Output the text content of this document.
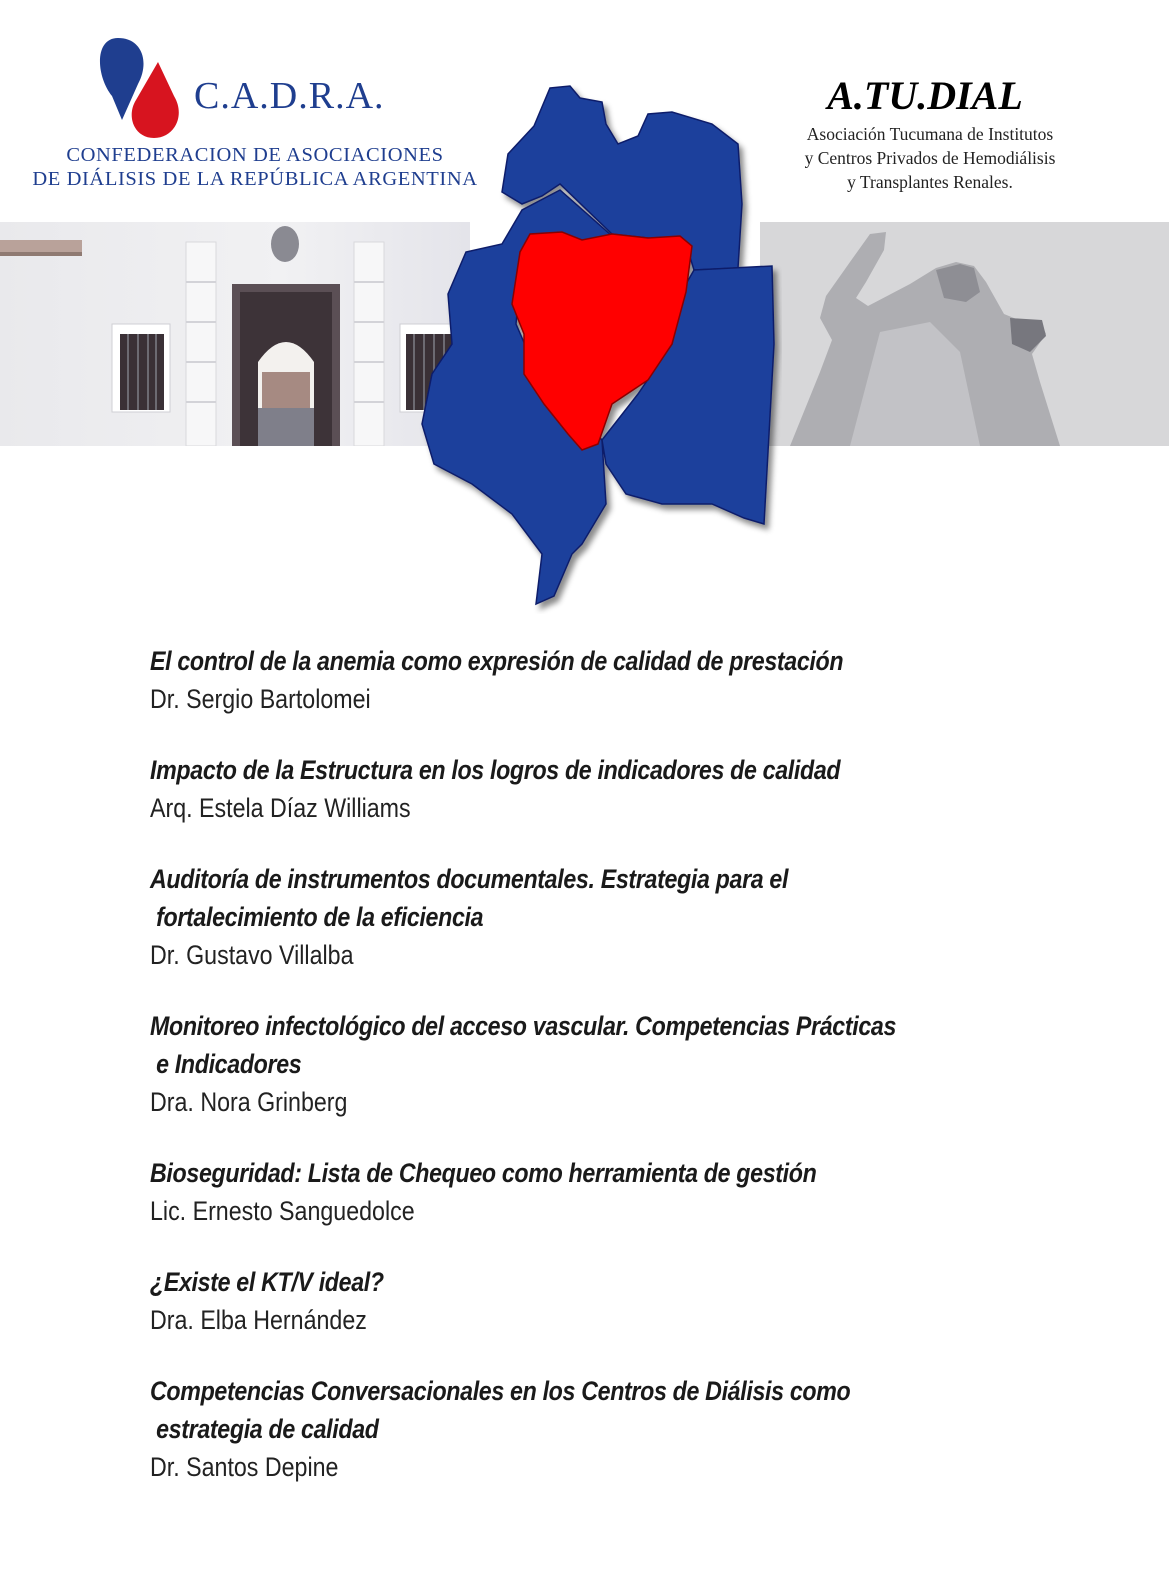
C.A.D.R.A.
CONFEDERACION DE ASOCIACIONES
DE DIÁLISIS DE LA REPÚBLICA ARGENTINA
A.TU.DIAL
Asociación Tucumana de Institutos
y Centros Privados de Hemodiálisis
y Transplantes Renales.
El control de la anemia como expresión de calidad de prestación
Dr. Sergio Bartolomei
Impacto de la Estructura en los logros de indicadores de calidad
Arq. Estela Díaz Williams
Auditoría de instrumentos documentales. Estrategia para el
fortalecimiento de la eficiencia
Dr. Gustavo Villalba
Monitoreo infectológico del acceso vascular. Competencias Prácticas
e Indicadores
Dra. Nora Grinberg
Bioseguridad: Lista de Chequeo como herramienta de gestión
Lic. Ernesto Sanguedolce
¿Existe el KT/V ideal?
Dra. Elba Hernández
Competencias Conversacionales en los Centros de Diálisis como
estrategia de calidad
Dr. Santos Depine
